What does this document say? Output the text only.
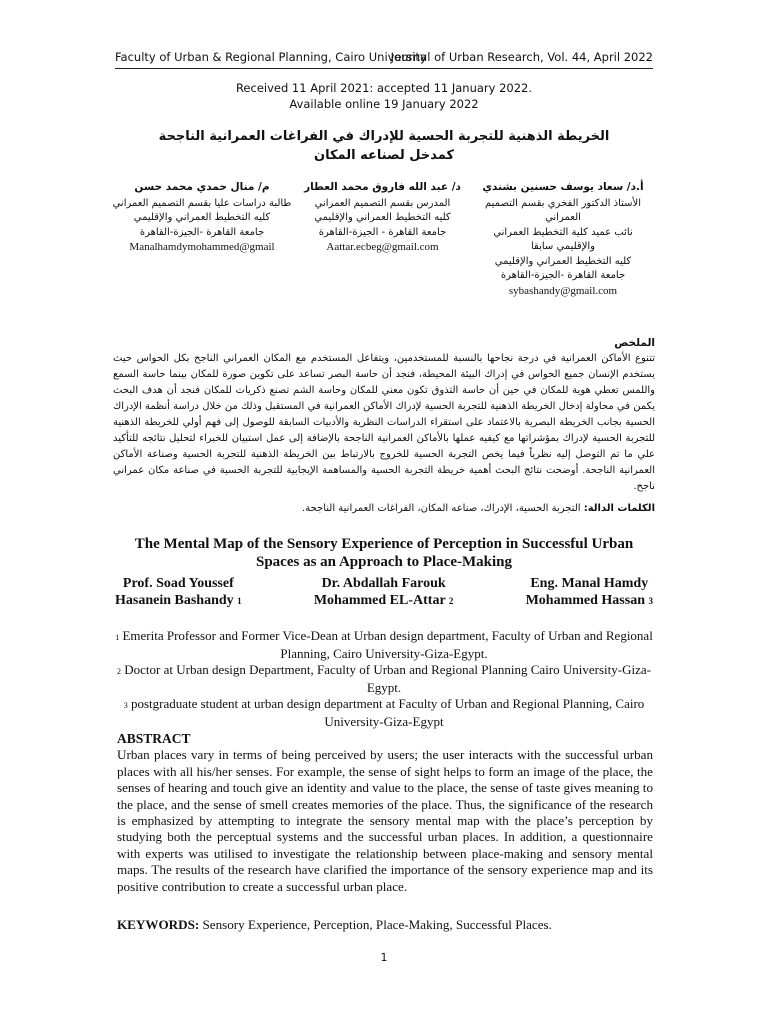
Faculty of Urban & Regional Planning, Cairo University
Journal of Urban Research, Vol. 44, April 2022
Received 11 April 2021: accepted 11 January 2022.
Available online 19 January 2022
الخريطة الذهنية للتجربة الحسية للإدراك في الفراغات العمرانية الناجحة كمدخل لصناعه المكان
أ.د/ سعاد يوسف حسنين بشندي
الأستاذ الدكتور الفخري بقسم التصميم العمراني
نائب عميد كلية التخطيط العمراني والإقليمي سابقا
كليه التخطيط العمراني والإقليمي
جامعة القاهرة -الجيزة-القاهرة
sybashandy@gmail.com
د/ عبد الله فاروق محمد العطار
المدرس بقسم التصميم العمراني
كليه التخطيط العمراني والإقليمي
جامعة القاهرة - الجيزة-القاهرة
Aattar.ecbeg@gmail.com
م/ منال حمدي محمد حسن
طالبة دراسات عليا بقسم التصميم العمراني
كليه التخطيط العمراني والإقليمي
جامعة القاهرة -الجيزة-القاهرة
Manalhamdymohammed@gmail
الملخص
تتنوع الأماكن العمرانية في درجة نجاحها بالنسبة للمستخدمين، ويتفاعل المستخدم مع المكان العمراني الناجح بكل الحواس حيث يستخدم الإنسان جميع الحواس في إدراك البيئة المحيطة، فنجد أن حاسة البصر تساعد على تكوين صورة للمكان بينما حاسة السمع واللمس تعطي هوية للمكان في حين أن حاسة التذوق تكون معني للمكان وحاسة الشم تصنع ذكريات للمكان فنجد أن هدف البحث يكمن في محاولة إدخال الخريطة الذهنية للتجربة الحسية لإدراك الأماكن العمرانية في المستقبل وذلك من خلال دراسة أنظمة الإدراك الحسية بجانب الخريطة البصرية بالاعتماد على استقراء الدراسات النظرية والأدبيات السابقة للوصول إلى فهم أولي للخريطة الذهنية للتجربة الحسية لإدراك بمؤشراتها مع كيفيه عملها بالأماكن العمرانية الناجحة بالإضافة إلى عمل استبيان للخبراء لتحليل نتائجه للتأكيد علي ما تم التوصل إليه نظرياً فيما يخص التجربة الحسية للخروج بالارتباط بين الخريطة الذهنية للتجربة الحسية وصناعة الأماكن العمرانية الناجحة. أوضحت نتائج البحث أهمية خريطة التجربة الحسية والمساهمة الإيجابية للتجربة الحسية في صناعة مكان عمراني ناجح.
الكلمات الدالة: التجربة الحسية، الإدراك، صناعه المكان، الفراغات العمرانية الناجحة.
The Mental Map of the Sensory Experience of Perception in Successful Urban Spaces as an Approach to Place-Making
Prof. Soad Youssef
Hasanein Bashandy 1
Dr. Abdallah Farouk
Mohammed EL-Attar 2
Eng. Manal Hamdy
Mohammed Hassan 3

1 Emerita Professor and Former Vice-Dean at Urban design department, Faculty of Urban and Regional Planning, Cairo University-Giza-Egypt.

2 Doctor at Urban design Department, Faculty of Urban and Regional Planning Cairo University-Giza-Egypt.

3 postgraduate student at urban design department at Faculty of Urban and Regional Planning, Cairo University-Giza-Egypt

ABSTRACT

Urban places vary in terms of being perceived by users; the user interacts with the successful urban places with all his/her senses. For example, the sense of sight helps to form an image of the place, the senses of hearing and touch give an identity and value to the place, the sense of taste gives meaning to the place, and the sense of smell creates memories of the place. Thus, the significance of the research is emphasized by attempting to integrate the sensory mental map with the place’s perception by studying both the perceptual systems and the successful urban places. In addition, a questionnaire with experts was utilised to investigate the relationship between place-making and sensory mental maps. The results of the research have clarified the importance of the sensory experience map and its positive contribution to create a successful urban place.

KEYWORDS: Sensory Experience, Perception, Place-Making, Successful Places.
1
